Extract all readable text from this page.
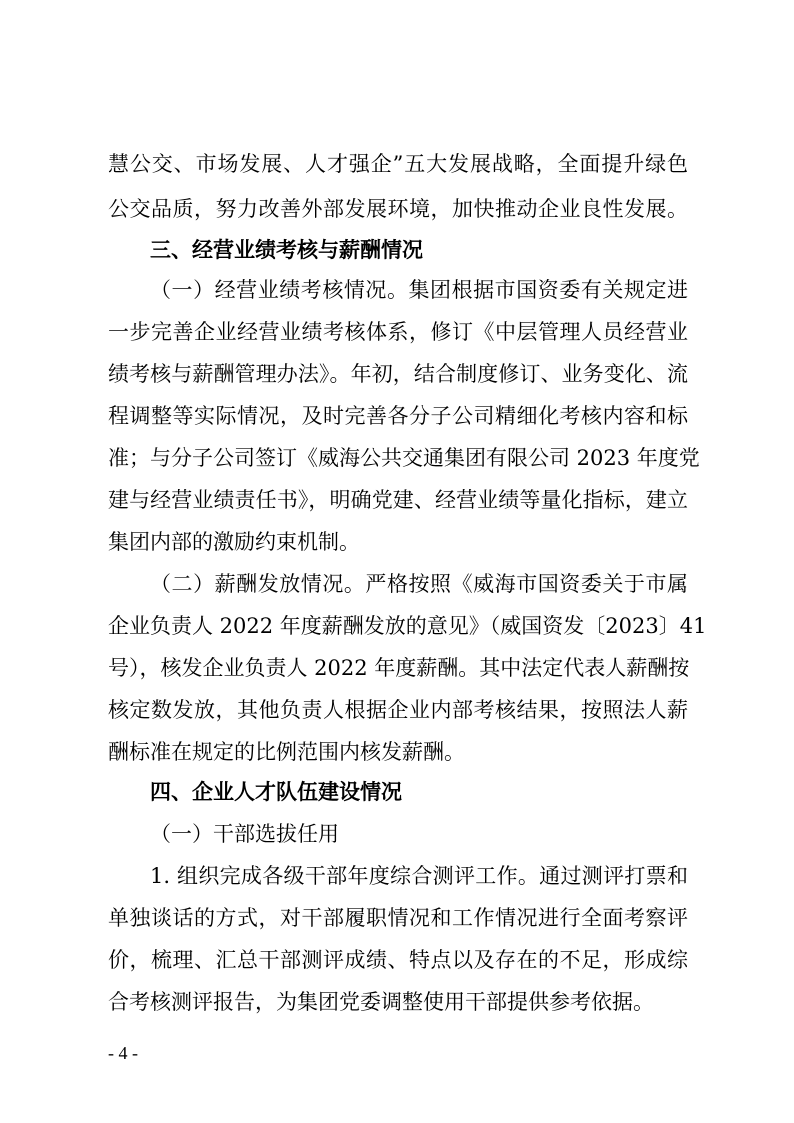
慧公交、市场发展、人才强企”五大发展战略，全面提升绿色
公交品质，努力改善外部发展环境，加快推动企业良性发展。
三、经营业绩考核与薪酬情况
（一）经营业绩考核情况。集团根据市国资委有关规定进
一步完善企业经营业绩考核体系，修订《中层管理人员经营业
绩考核与薪酬管理办法》。年初，结合制度修订、业务变化、流
程调整等实际情况，及时完善各分子公司精细化考核内容和标
准；与分子公司签订《威海公共交通集团有限公司 2023 年度党
建与经营业绩责任书》，明确党建、经营业绩等量化指标，建立
集团内部的激励约束机制。
（二）薪酬发放情况。严格按照《威海市国资委关于市属
企业负责人 2022 年度薪酬发放的意见》（威国资发〔2023〕41
号），核发企业负责人 2022 年度薪酬。其中法定代表人薪酬按
核定数发放，其他负责人根据企业内部考核结果，按照法人薪
酬标准在规定的比例范围内核发薪酬。
四、企业人才队伍建设情况
（一）干部选拔任用
1. 组织完成各级干部年度综合测评工作。通过测评打票和
单独谈话的方式，对干部履职情况和工作情况进行全面考察评
价，梳理、汇总干部测评成绩、特点以及存在的不足，形成综
合考核测评报告，为集团党委调整使用干部提供参考依据。
- 4 -
